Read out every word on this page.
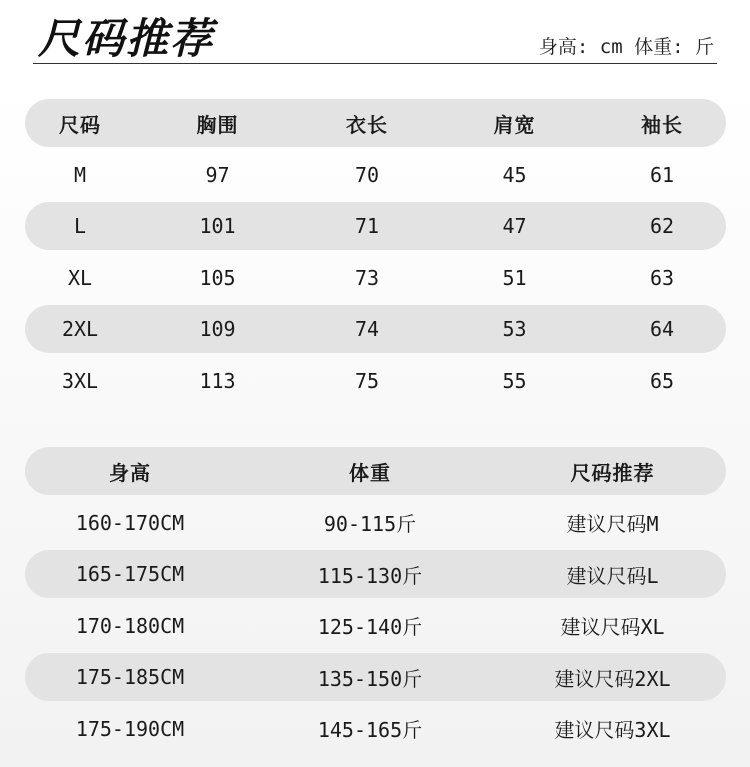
尺码推荐	身高: cm 体重: 斤
尺码	胸围	衣长	肩宽	袖长
M	97	70	45	61
L	101	71	47	62
XL	105	73	51	63
2XL	109	74	53	64
3XL	113	75	55	65
身高	体重	尺码推荐
160-170CM	90-115斤	建议尺码M
165-175CM	115-130斤	建议尺码L
170-180CM	125-140斤	建议尺码XL
175-185CM	135-150斤	建议尺码2XL
175-190CM	145-165斤	建议尺码3XL
